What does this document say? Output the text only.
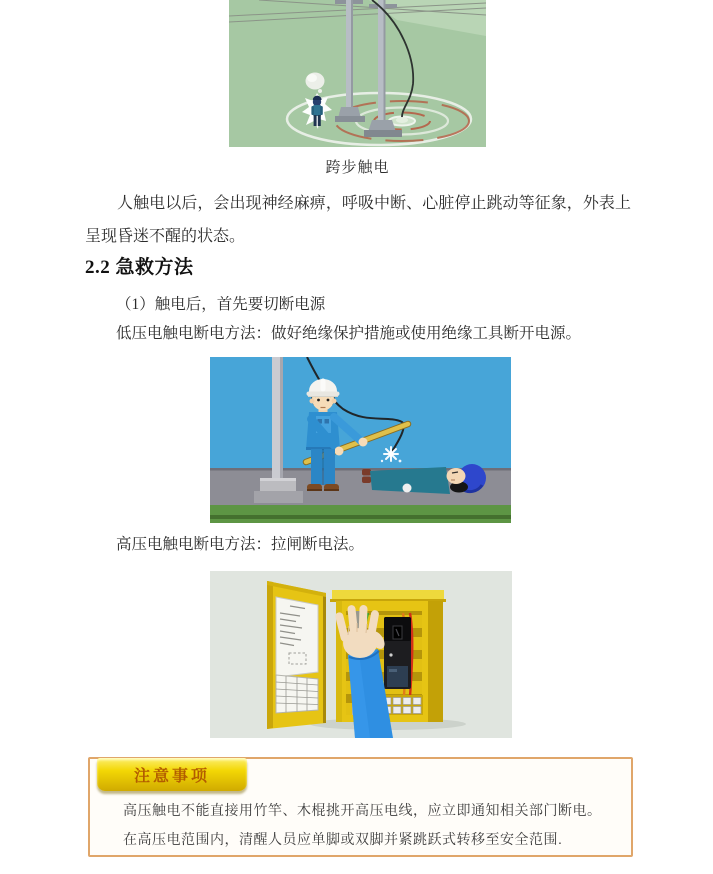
跨步触电
人触电以后，会出现神经麻痹，呼吸中断、心脏停止跳动等征象，外表上呈现昏迷不醒的状态。
2.2 急救方法
（1）触电后，首先要切断电源
低压电触电断电方法：做好绝缘保护措施或使用绝缘工具断开电源。
高压电触电断电方法：拉闸断电法。
注意事项
高压触电不能直接用竹竿、木棍挑开高压电线，应立即通知相关部门断电。
在高压电范围内，清醒人员应单脚或双脚并紧跳跃式转移至安全范围.
